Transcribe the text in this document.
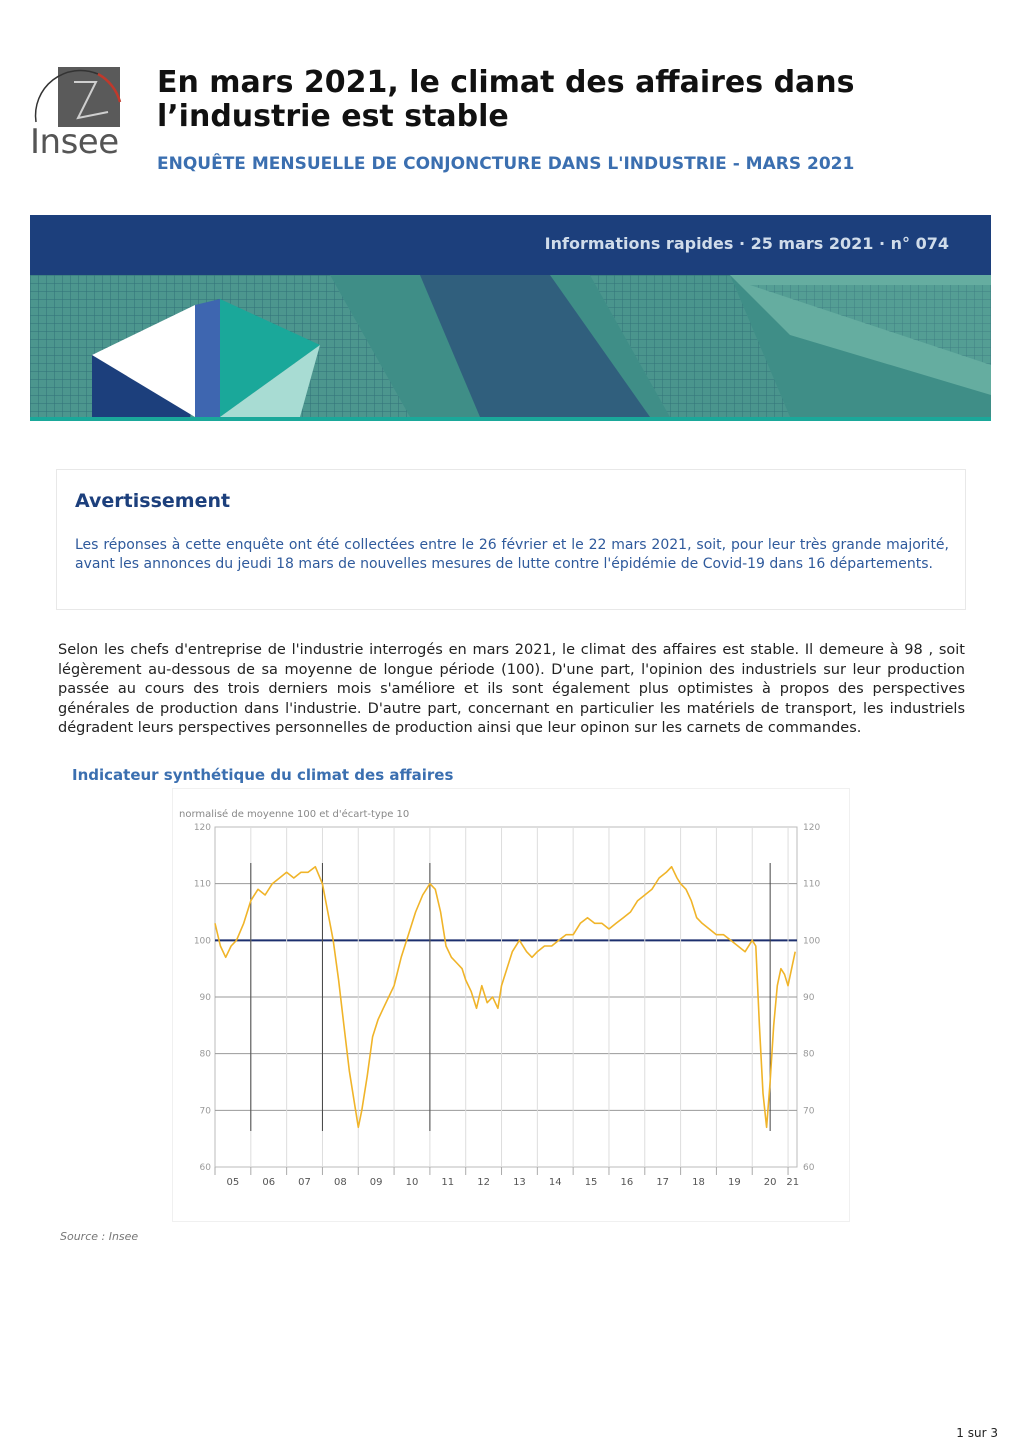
Insee
En mars 2021, le climat des affaires dans l’industrie est stable
ENQUÊTE MENSUELLE DE CONJONCTURE DANS L'INDUSTRIE - MARS 2021
Informations rapides · 25 mars 2021 · n° 074
Avertissement

Les réponses à cette enquête ont été collectées entre le 26 février et le 22 mars 2021, soit, pour leur très grande majorité, avant les annonces du jeudi 18 mars de nouvelles mesures de lutte contre l'épidémie de Covid-19 dans 16 départements.

Selon les chefs d'entreprise de l'industrie interrogés en mars 2021, le climat des affaires est stable. Il demeure à 98 , soit légèrement au-dessous de sa moyenne de longue période (100). D'une part, l'opinion des industriels sur leur production passée au cours des trois derniers mois s'améliore et ils sont également plus optimistes à propos des perspectives générales de production dans l'industrie. D'autre part, concernant en particulier les matériels de transport, les industriels dégradent leurs perspectives personnelles de production ainsi que leur opinon sur les carnets de commandes.

Indicateur synthétique du climat des affaires
normalisé de moyenne 100 et d'écart-type 10
60	60
70	70
80	80
90	90
100	100
110	110
120	120
05 06 07 08 09 10 11 12 13 14 15 16 17 18 19 20 21
Source : Insee
1 sur 3
